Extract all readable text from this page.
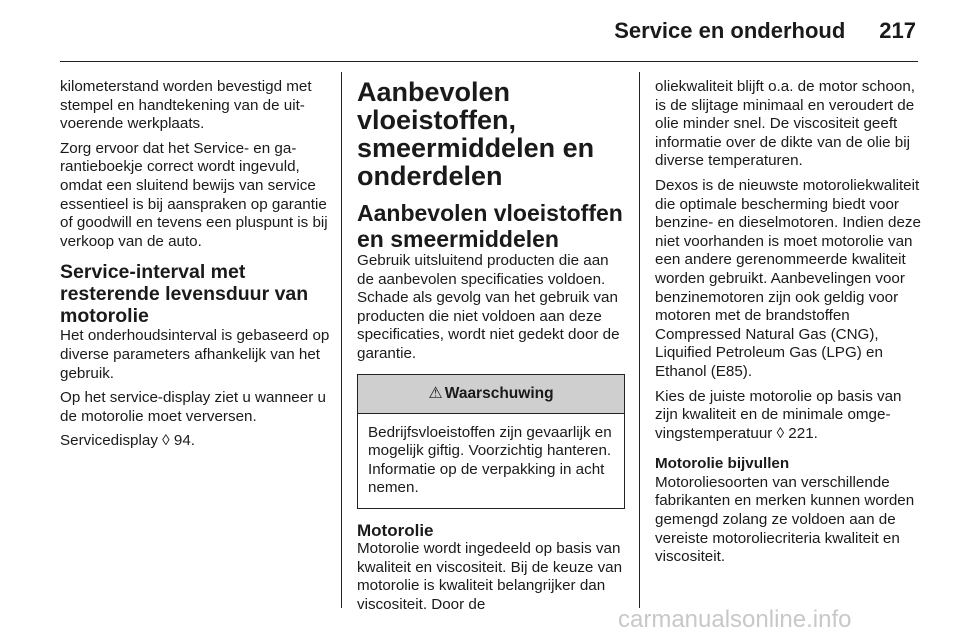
Service en onderhoud 217

kilometerstand worden bevestigd met stempel en handtekening van de uitvoerende werkplaats.

Zorg ervoor dat het Service- en garantieboekje correct wordt ingevuld, omdat een sluitend bewijs van service essentieel is bij aanspraken op garantie of goodwill en tevens een pluspunt is bij verkoop van de auto.

Service-interval met resterende levensduur van motorolie

Het onderhoudsinterval is gebaseerd op diverse parameters afhankelijk van het gebruik.

Op het service-display ziet u wanneer u de motorolie moet verversen.

Servicedisplay ◊ 94.

Aanbevolen vloeistoffen, smeermiddelen en onderdelen
Aanbevolen vloeistoffen en smeermiddelen

Gebruik uitsluitend producten die aan de aanbevolen specificaties voldoen. Schade als gevolg van het gebruik van producten die niet voldoen aan deze specificaties, wordt niet gedekt door de garantie.

⚠ Waarschuwing
Bedrijfsvloeistoffen zijn gevaarlijk en mogelijk giftig. Voorzichtig hanteren. Informatie op de verpakking in acht nemen.
Motorolie

Motorolie wordt ingedeeld op basis van kwaliteit en viscositeit. Bij de keuze van motorolie is kwaliteit belangrijker dan viscositeit. Door de

oliekwaliteit blijft o.a. de motor schoon, is de slijtage minimaal en veroudert de olie minder snel. De viscositeit geeft informatie over de dikte van de olie bij diverse temperaturen.

Dexos is de nieuwste motoroliekwaliteit die optimale bescherming biedt voor benzine- en dieselmotoren. Indien deze niet voorhanden is moet motorolie van een andere gerenommeerde kwaliteit worden gebruikt. Aanbevelingen voor benzinemotoren zijn ook geldig voor motoren met de brandstoffen Compressed Natural Gas (CNG), Liquified Petroleum Gas (LPG) en Ethanol (E85).

Kies de juiste motorolie op basis van zijn kwaliteit en de minimale omgevingstemperatuur ◊ 221.

Motorolie bijvullen

Motoroliesoorten van verschillende fabrikanten en merken kunnen worden gemengd zolang ze voldoen aan de vereiste motoroliecriteria kwaliteit en viscositeit.

carmanualsonline.info
